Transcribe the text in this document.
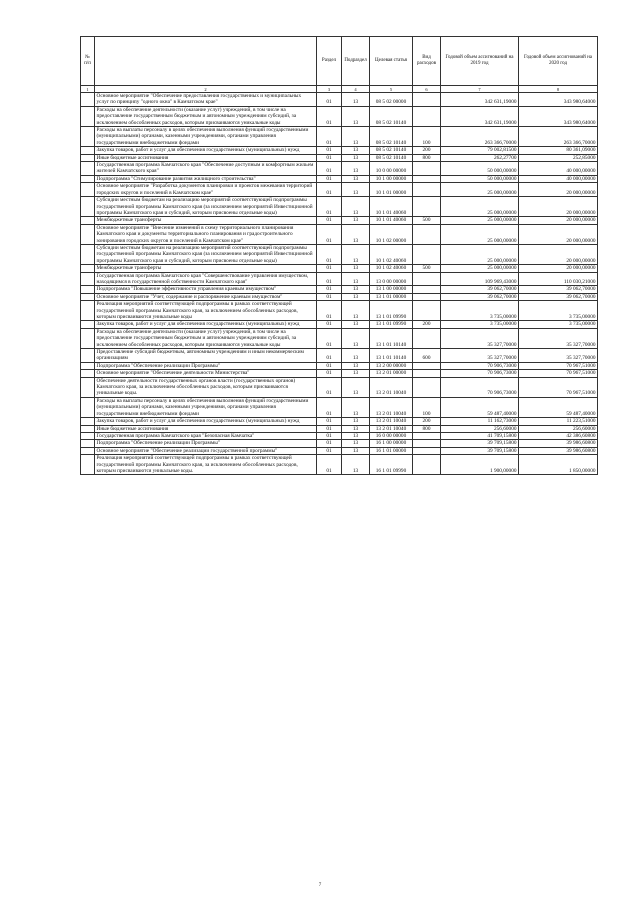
№ п/п		Раздел	Подраздел	Целевая статья	Вид расходов	Годовой объем ассигнований на 2019 год	Годовой объем ассигнований на 2020 год
1	2	3	4	5	6	7	8
	Основное мероприятие "Обеспечение предоставления государственных и муниципальных услуг по принципу "одного окна" в Камчатском крае"	01	13	08 5 02 00000		342 631,19000	343 980,64000
	Расходы на обеспечение деятельности (оказание услуг) учреждений, в том числе на предоставление государственным бюджетным и автономным учреждениям субсидий, за исключением обособленных расходов, которым присваиваются уникальные коды	01	13	08 5 02 10140		342 631,19000	343 980,64000
	Расходы на выплаты персоналу в целях обеспечения выполнения функций государственными (муниципальными) органами, казенными учреждениями, органами управления государственными внебюджетными фондами	01	13	08 5 02 10140	100	263 366,70000	263 366,70000
	Закупка товаров, работ и услуг для обеспечения государственных (муниципальных) нужд	01	13	08 5 02 10140	200	79 002,81500	80 361,09000
	Иные бюджетные ассигнования	01	13	08 5 02 10140	800	262,27700	252,85000
	Государственная программа Камчатского края "Обеспечение доступным и комфортным жильем жителей Камчатского края"	01	13	10 0 00 00000		50 000,00000	40 000,00000
	Подпрограмма "Стимулирование развития жилищного строительства"	01	13	10 1 00 00000		50 000,00000	40 000,00000
	Основное мероприятие "Разработка документов планировки и проектов межевания территорий городских округов и поселений в Камчатском крае"	01	13	10 1 01 00000		25 000,00000	20 000,00000
	Субсидии местным бюджетам на реализацию мероприятий соответствующей подпрограммы государственной программы Камчатского края (за исключением мероприятий Инвестиционной программы Камчатского края и субсидий, которым присвоены отдельные коды)	01	13	10 1 01 40060		25 000,00000	20 000,00000
	Межбюджетные трансферты	01	13	10 1 01 40060	500	25 000,00000	20 000,00000
	Основное мероприятие "Внесение изменений в схему территориального планирования Камчатского края и документы территориального планирования и градостроительного зонирования городских округов и поселений в Камчатском крае"	01	13	10 1 02 00000		25 000,00000	20 000,00000
	Субсидии местным бюджетам на реализацию мероприятий соответствующей подпрограммы государственной программы Камчатского края (за исключением мероприятий Инвестиционной программы Камчатского края и субсидий, которым присвоены отдельные коды)	01	13	10 1 02 40060		25 000,00000	20 000,00000
	Межбюджетные трансферты	01	13	10 1 02 40060	500	25 000,00000	20 000,00000
	Государственная программа Камчатского края "Совершенствование управления имуществом, находящимся в государственной собственности Камчатского края"	01	13	13 0 00 00000		109 969,43000	110 030,21000
	Подпрограмма "Повышение эффективности управления краевым имуществом"	01	13	13 1 00 00000		39 062,70000	39 062,70000
	Основное мероприятие "Учет, содержание и распоряжение краевым имуществом"	01	13	13 1 01 00000		39 062,70000	39 062,70000
	Реализация мероприятий соответствующей подпрограммы в рамках соответствующей государственной программы Камчатского края, за исключением обособленных расходов, которым присваиваются уникальные коды	01	13	13 1 01 09990		3 735,00000	3 735,00000
	Закупка товаров, работ и услуг для обеспечения государственных (муниципальных) нужд	01	13	13 1 01 09990	200	3 735,00000	3 735,00000
	Расходы на обеспечение деятельности (оказание услуг) учреждений, в том числе на предоставление государственным бюджетным и автономным учреждениям субсидий, за исключением обособленных расходов, которым присваиваются уникальные коды	01	13	13 1 01 10140		35 327,70000	35 327,70000
	Предоставление субсидий бюджетным, автономным учреждениям и иным некоммерческим организациям	01	13	13 1 01 10140	600	35 327,70000	35 327,70000
	Подпрограмма "Обеспечение реализации Программы"	01	13	13 2 00 00000		70 906,73000	70 967,51000
	Основное мероприятие "Обеспечение деятельности Министерства"	01	13	13 2 01 00000		70 906,73000	70 967,51000
	Обеспечение деятельности государственных органов власти (государственных органов) Камчатского края, за исключением обособленных расходов, которым присваиваются уникальные коды.	01	13	13 2 01 10040		70 906,73000	70 967,51000
	Расходы на выплаты персоналу в целях обеспечения выполнения функций государственными (муниципальными) органами, казенными учреждениями, органами управления государственными внебюджетными фондами	01	13	13 2 01 10040	100	59 487,40000	59 487,40000
	Закупка товаров, работ и услуг для обеспечения государственных (муниципальных) нужд	01	13	13 2 01 10040	200	11 162,73000	11 223,51000
	Иные бюджетные ассигнования	01	13	13 2 01 10040	800	256,60000	256,60000
	Государственная программа Камчатского края "Безопасная Камчатка"	01	13	16 0 00 00000		41 709,15800	42 386,60800
	Подпрограмма "Обеспечение реализации Программы"	01	13	16 1 00 00000		39 709,15800	39 986,60800
	Основное мероприятие "Обеспечение реализации государственной программы"	01	13	16 1 01 00000		39 709,15800	39 986,60800
	Реализация мероприятий соответствующей подпрограммы в рамках соответствующей государственной программы Камчатского края, за исключением обособленных расходов, которым присваиваются уникальные коды.	01	13	16 1 01 09990		1 900,00000	1 850,00000
7
